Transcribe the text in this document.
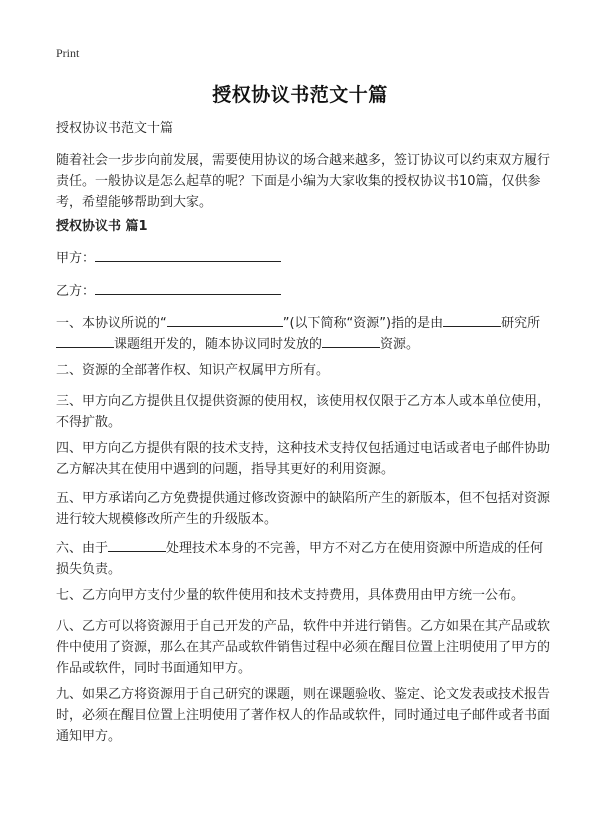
Print
授权协议书范文十篇

授权协议书范文十篇

随着社会一步步向前发展，需要使用协议的场合越来越多，签订协议可以约束双方履行责任。一般协议是怎么起草的呢？下面是小编为大家收集的授权协议书10篇，仅供参考，希望能够帮助到大家。

授权协议书 篇1

甲方：

乙方：

一、本协议所说的“	”(以下简称“资源”)指的是由	研究所课题组开发的，随本协议同时发放的	资源。

二、资源的全部著作权、知识产权属甲方所有。

三、甲方向乙方提供且仅提供资源的使用权，该使用权仅限于乙方本人或本单位使用，不得扩散。

四、甲方向乙方提供有限的技术支持，这种技术支持仅包括通过电话或者电子邮件协助乙方解决其在使用中遇到的问题，指导其更好的利用资源。

五、甲方承诺向乙方免费提供通过修改资源中的缺陷所产生的新版本，但不包括对资源进行较大规模修改所产生的升级版本。

六、由于	处理技术本身的不完善，甲方不对乙方在使用资源中所造成的任何损失负责。

七、乙方向甲方支付少量的软件使用和技术支持费用，具体费用由甲方统一公布。

八、乙方可以将资源用于自己开发的产品，软件中并进行销售。乙方如果在其产品或软件中使用了资源，那么在其产品或软件销售过程中必须在醒目位置上注明使用了甲方的作品或软件，同时书面通知甲方。

九、如果乙方将资源用于自己研究的课题，则在课题验收、鉴定、论文发表或技术报告时，必须在醒目位置上注明使用了著作权人的作品或软件，同时通过电子邮件或者书面通知甲方。
